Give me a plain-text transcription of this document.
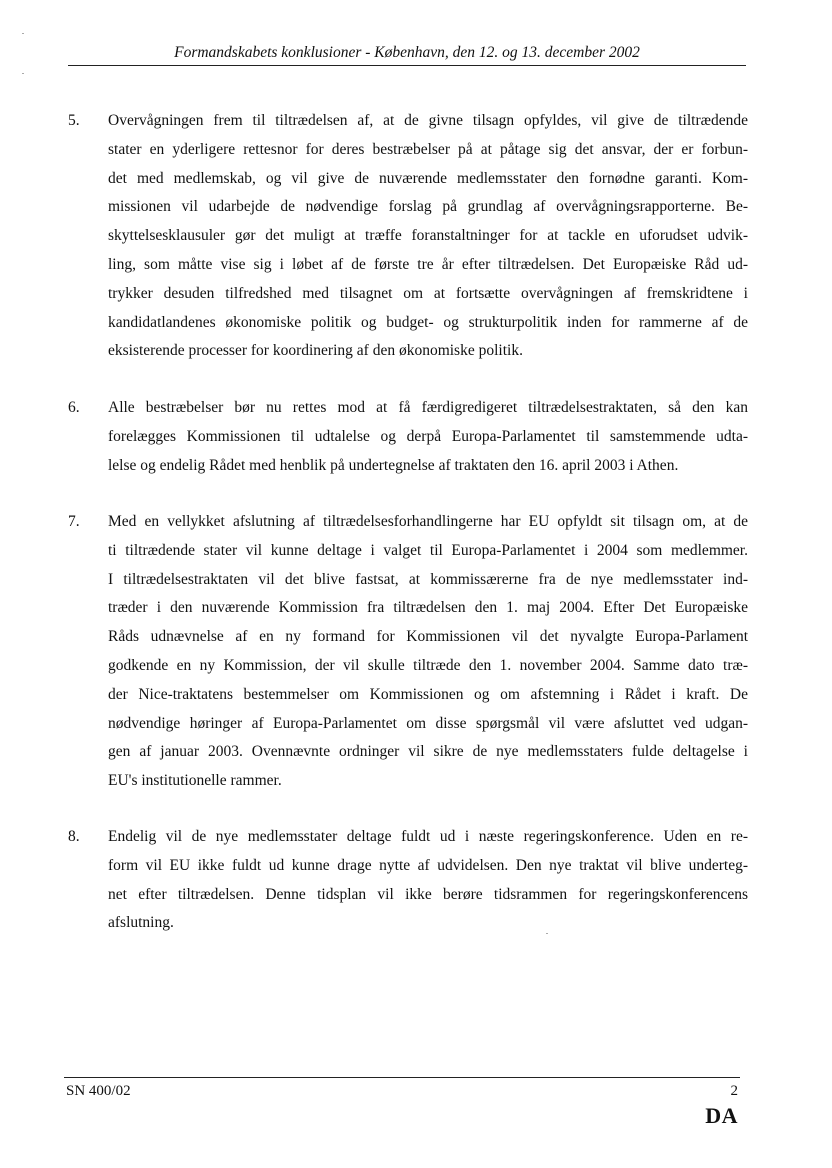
Formandskabets konklusioner - København, den 12. og 13. december 2002
5. Overvågningen frem til tiltrædelsen af, at de givne tilsagn opfyldes, vil give de tiltrædende
stater en yderligere rettesnor for deres bestræbelser på at påtage sig det ansvar, der er forbun-
det med medlemskab, og vil give de nuværende medlemsstater den fornødne garanti. Kom-
missionen vil udarbejde de nødvendige forslag på grundlag af overvågningsrapporterne. Be-
skyttelsesklausuler gør det muligt at træffe foranstaltninger for at tackle en uforudset udvik-
ling, som måtte vise sig i løbet af de første tre år efter tiltrædelsen. Det Europæiske Råd ud-
trykker desuden tilfredshed med tilsagnet om at fortsætte overvågningen af fremskridtene i
kandidatlandenes økonomiske politik og budget- og strukturpolitik inden for rammerne af de
eksisterende processer for koordinering af den økonomiske politik.
6. Alle bestræbelser bør nu rettes mod at få færdigredigeret tiltrædelsestraktaten, så den kan
forelægges Kommissionen til udtalelse og derpå Europa-Parlamentet til samstemmende udta-
lelse og endelig Rådet med henblik på undertegnelse af traktaten den 16. april 2003 i Athen.
7. Med en vellykket afslutning af tiltrædelsesforhandlingerne har EU opfyldt sit tilsagn om, at de
ti tiltrædende stater vil kunne deltage i valget til Europa-Parlamentet i 2004 som medlemmer.
I tiltrædelsestraktaten vil det blive fastsat, at kommissærerne fra de nye medlemsstater ind-
træder i den nuværende Kommission fra tiltrædelsen den 1. maj 2004. Efter Det Europæiske
Råds udnævnelse af en ny formand for Kommissionen vil det nyvalgte Europa-Parlament
godkende en ny Kommission, der vil skulle tiltræde den 1. november 2004. Samme dato træ-
der Nice-traktatens bestemmelser om Kommissionen og om afstemning i Rådet i kraft. De
nødvendige høringer af Europa-Parlamentet om disse spørgsmål vil være afsluttet ved udgan-
gen af januar 2003. Ovennævnte ordninger vil sikre de nye medlemsstaters fulde deltagelse i
EU's institutionelle rammer.
8. Endelig vil de nye medlemsstater deltage fuldt ud i næste regeringskonference. Uden en re-
form vil EU ikke fuldt ud kunne drage nytte af udvidelsen. Den nye traktat vil blive underteg-
net efter tiltrædelsen. Denne tidsplan vil ikke berøre tidsrammen for regeringskonferencens
afslutning.
SN 400/02	2
DA
